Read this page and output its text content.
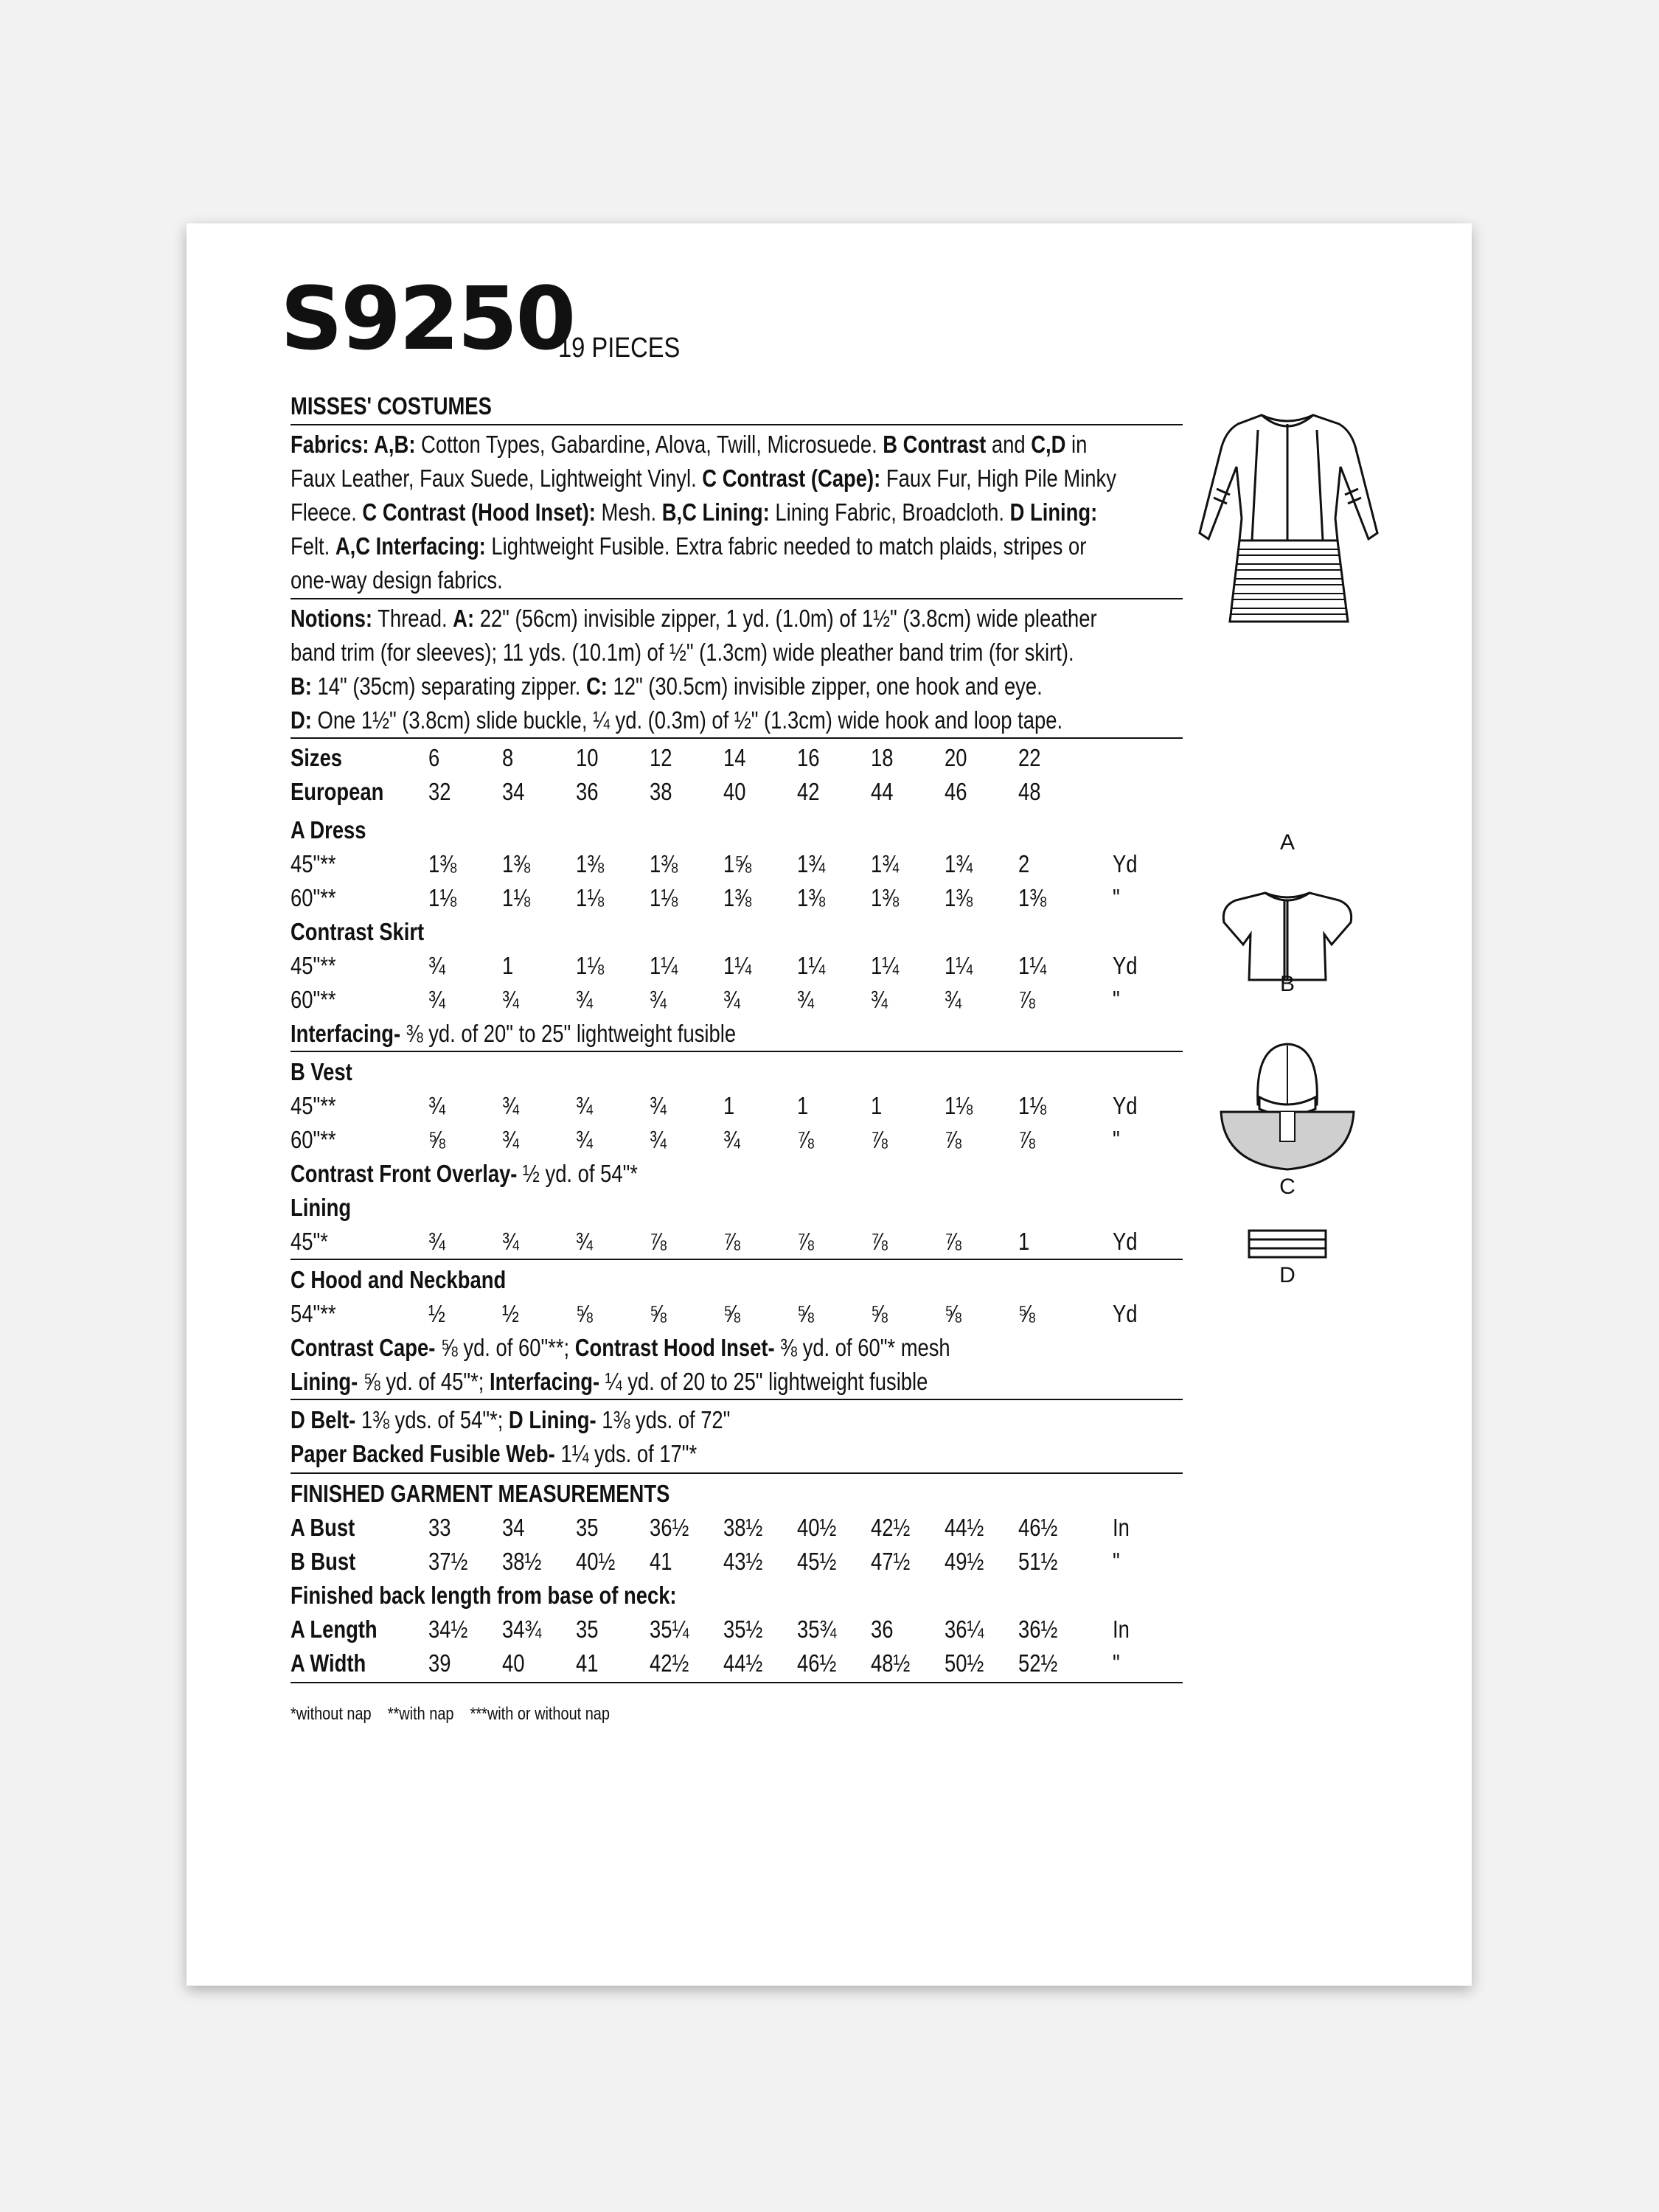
S9250
19 PIECES
MISSES' COSTUMES
Fabrics: A,B: Cotton Types, Gabardine, Alova, Twill, Microsuede. B Contrast and C,D in
Faux Leather, Faux Suede, Lightweight Vinyl. C Contrast (Cape): Faux Fur, High Pile Minky
Fleece. C Contrast (Hood Inset): Mesh. B,C Lining: Lining Fabric, Broadcloth. D Lining:
Felt. A,C Interfacing: Lightweight Fusible. Extra fabric needed to match plaids, stripes or
one-way design fabrics.
Notions: Thread. A: 22" (56cm) invisible zipper, 1 yd. (1.0m) of 1½" (3.8cm) wide pleather
band trim (for sleeves); 11 yds. (10.1m) of ½" (1.3cm) wide pleather band trim (for skirt).
B: 14" (35cm) separating zipper. C: 12" (30.5cm) invisible zipper, one hook and eye.
D: One 1½" (3.8cm) slide buckle, ¼ yd. (0.3m) of ½" (1.3cm) wide hook and loop tape.
*without nap    **with nap    ***with or without nap
A
B
C
D
Sizes	6	8	10 12 14 16 18 20 22
European	32 34 36 38 40 42 44 46 48
A Dress
45"**	1⅜ 1⅜ 1⅜ 1⅜ 1⅝ 1¾ 1¾ 1¾ 2	Yd
60"**	1⅛ 1⅛ 1⅛ 1⅛ 1⅜ 1⅜ 1⅜ 1⅜ 1⅜	"
Contrast Skirt
45"**	¾ 1	1⅛ 1¼ 1¼ 1¼ 1¼ 1¼ 1¼	Yd
60"**	¾ ¾ ¾ ¾ ¾ ¾ ¾ ¾ ⅞	"
Interfacing- ⅜ yd. of 20" to 25" lightweight fusible
B Vest
45"**	¾ ¾ ¾ ¾ 1	1	1	1⅛ 1⅛	Yd
60"**	⅝ ¾ ¾ ¾ ¾ ⅞ ⅞ ⅞ ⅞	"
Contrast Front Overlay- ½ yd. of 54"*
Lining
45"*	¾ ¾ ¾ ⅞ ⅞ ⅞ ⅞ ⅞ 1	Yd
C Hood and Neckband
54"**	½ ½ ⅝ ⅝ ⅝ ⅝ ⅝ ⅝ ⅝	Yd
Contrast Cape- ⅝ yd. of 60"**; Contrast Hood Inset- ⅜ yd. of 60"* mesh
Lining- ⅝ yd. of 45"*; Interfacing- ¼ yd. of 20 to 25" lightweight fusible
D Belt- 1⅜ yds. of 54"*; D Lining- 1⅜ yds. of 72"
Paper Backed Fusible Web- 1¼ yds. of 17"*
FINISHED GARMENT MEASUREMENTS
A Bust	33 34 35 36½	38½	40½	42½	44½	46½	In
B Bust	37½	38½	40½	41 43½	45½	47½	49½	51½	"
Finished back length from base of neck:
A Length	34½	34¾	35 35¼	35½	35¾	36 36¼	36½	In
A Width	39 40 41 42½	44½	46½	48½	50½	52½	"
